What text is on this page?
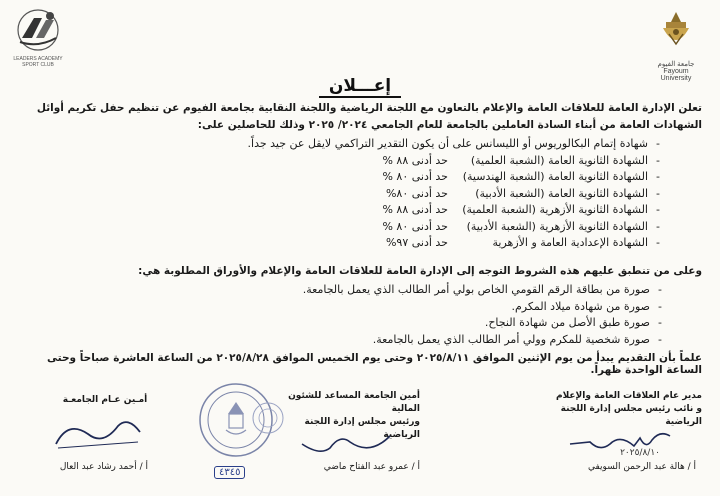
LEADERS ACADEMY SPORT CLUB	جامعة الفيوم
Fayoum University
إعـــلان
تعلن الإدارة العامة للعلاقات العامة والإعلام بالتعاون مع اللجنة الرياضية واللجنة النقابية بجامعة الفيوم عن تنظيم حفل تكريم أوائل الشهادات العامة من أبناء السادة العاملين بالجامعة للعام الجامعي ٢٠٢٤/ ٢٠٢٥ وذلك للحاصلين على:
-
شهادة إتمام البكالوريوس أو الليسانس على أن يكون التقدير التراكمي لايقل عن جيد جداً.
-
الشهادة الثانوية العامة (الشعبة العلمية)
حد أدنى ٨٨ %
-
الشهادة الثانوية العامة (الشعبة الهندسية)
حد أدنى ٨٠ %
-
الشهادة الثانوية العامة (الشعبة الأدبية)
حد أدنى ٨٠%
-
الشهادة الثانوية الأزهرية (الشعبة العلمية)
حد أدنى ٨٨ %
-
الشهادة الثانوية الأزهرية (الشعبة الأدبية)
حد أدنى ٨٠ %
-
الشهادة الإعدادية العامة و الأزهرية
حد أدنى ٩٧%
وعلى من تنطبق عليهم هذه الشروط التوجه إلى الإدارة العامة للعلاقات العامة والإعلام والأوراق المطلوبة هي:
-
صورة من بطاقة الرقم القومي الخاص بولي أمر الطالب الذي يعمل بالجامعة.
-
صورة من شهادة ميلاد المكرم.
-
صورة طبق الأصل من شهادة النجاح.
-
صورة شخصية للمكرم وولي أمر الطالب الذي يعمل بالجامعة.
علماً بأن التقديم يبدأ من يوم الإثنين الموافق ٢٠٢٥/٨/١١ وحتى يوم الخميس الموافق ٢٠٢٥/٨/٢٨ من الساعة العاشرة صباحاً وحتى الساعة الواحدة ظهراً.
مدير عام العلاقات العامة والإعلام
و نائب رئيس مجلس إدارة اللجنة الرياضية
٢٠٢٥/٨/١٠
أ / هالة عبد الرحمن السويفي
أمين الجامعة المساعد للشئون المالية
ورئيس مجلس إدارة اللجنة الرياضية
أ / عمرو عبد الفتاح ماضي
٤٣٤٥
أمـين عـام الجامعـة
أ / أحمد رشاد عبد العال
